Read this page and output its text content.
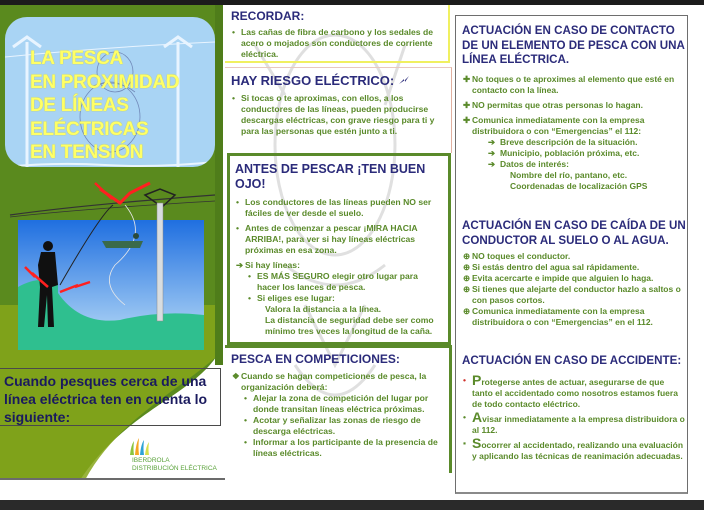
LA PESCA
EN PROXIMIDAD
DE LÍNEAS
ELÉCTRICAS
EN TENSIÓN
Cuando pesques cerca de una línea eléctrica ten en cuenta lo siguiente:
IBERDROLA
DISTRIBUCIÓN ELÉCTRICA
RECORDAR:
• Las cañas de fibra de carbono y los sedales de acero o mojados son conductores de corriente eléctrica.
HAY RIESGO ELÉCTRICO:
• Si tocas o te aproximas, con ellos, a los conductores de las líneas, pueden producirse descargas eléctricas, con grave riesgo para ti y para las personas que estén junto a ti.
ANTES DE PESCAR ¡TEN BUEN OJO!
• Los conductores de las líneas pueden NO ser fáciles de ver desde el suelo.
• Antes de comenzar a pescar ¡MIRA HACIA ARRIBA!, para ver si hay líneas eléctricas próximas en esa zona.
➔ Si hay líneas:
• ES MÁS SEGURO elegir otro lugar para hacer los lances de pesca.
• Si eliges ese lugar:
Valora la distancia a la línea.
La distancia de seguridad debe ser como mínimo tres veces la longitud de la caña.
PESCA EN COMPETICIONES:
❖ Cuando se hagan competiciones de pesca, la organización deberá:
• Alejar la zona de competición del lugar por donde transitan líneas eléctrica próximas.
• Acotar y señalizar las zonas de riesgo de descarga eléctricas.
• Informar a los participante de la presencia de líneas eléctricas.
ACTUACIÓN EN CASO DE CONTACTO DE UN ELEMENTO DE PESCA CON UNA LÍNEA ELÉCTRICA.
✚ No toques o te aproximes al elemento que esté en contacto con la línea.
✚ NO permitas que otras personas lo hagan.
✚ Comunica inmediatamente con la empresa distribuidora o con “Emergencias” el 112:
➔ Breve descripción de la situación.
➔ Municipio, población próxima, etc.
➔ Datos de interés:
Nombre del río, pantano, etc.
Coordenadas de localización GPS
ACTUACIÓN EN CASO DE CAÍDA DE UN CONDUCTOR AL SUELO O AL AGUA.
⊕ NO toques el conductor.
⊕ Si estás dentro del agua sal rápidamente.
⊕ Evita acercarte e impide que alguien lo haga.
⊕ Si tienes que alejarte del conductor hazlo a saltos o con pasos cortos.
⊕ Comunica inmediatamente con la empresa distribuidora o con “Emergencias” en el 112.
ACTUACIÓN EN CASO DE ACCIDENTE:
• Protegerse antes de actuar, asegurarse de que tanto el accidentado como nosotros estamos fuera de todo contacto eléctrico.
• Avisar inmediatamente a la empresa distribuidora o al 112.
▪ Socorrer al accidentado, realizando una evaluación y aplicando las técnicas de reanimación adecuadas.
